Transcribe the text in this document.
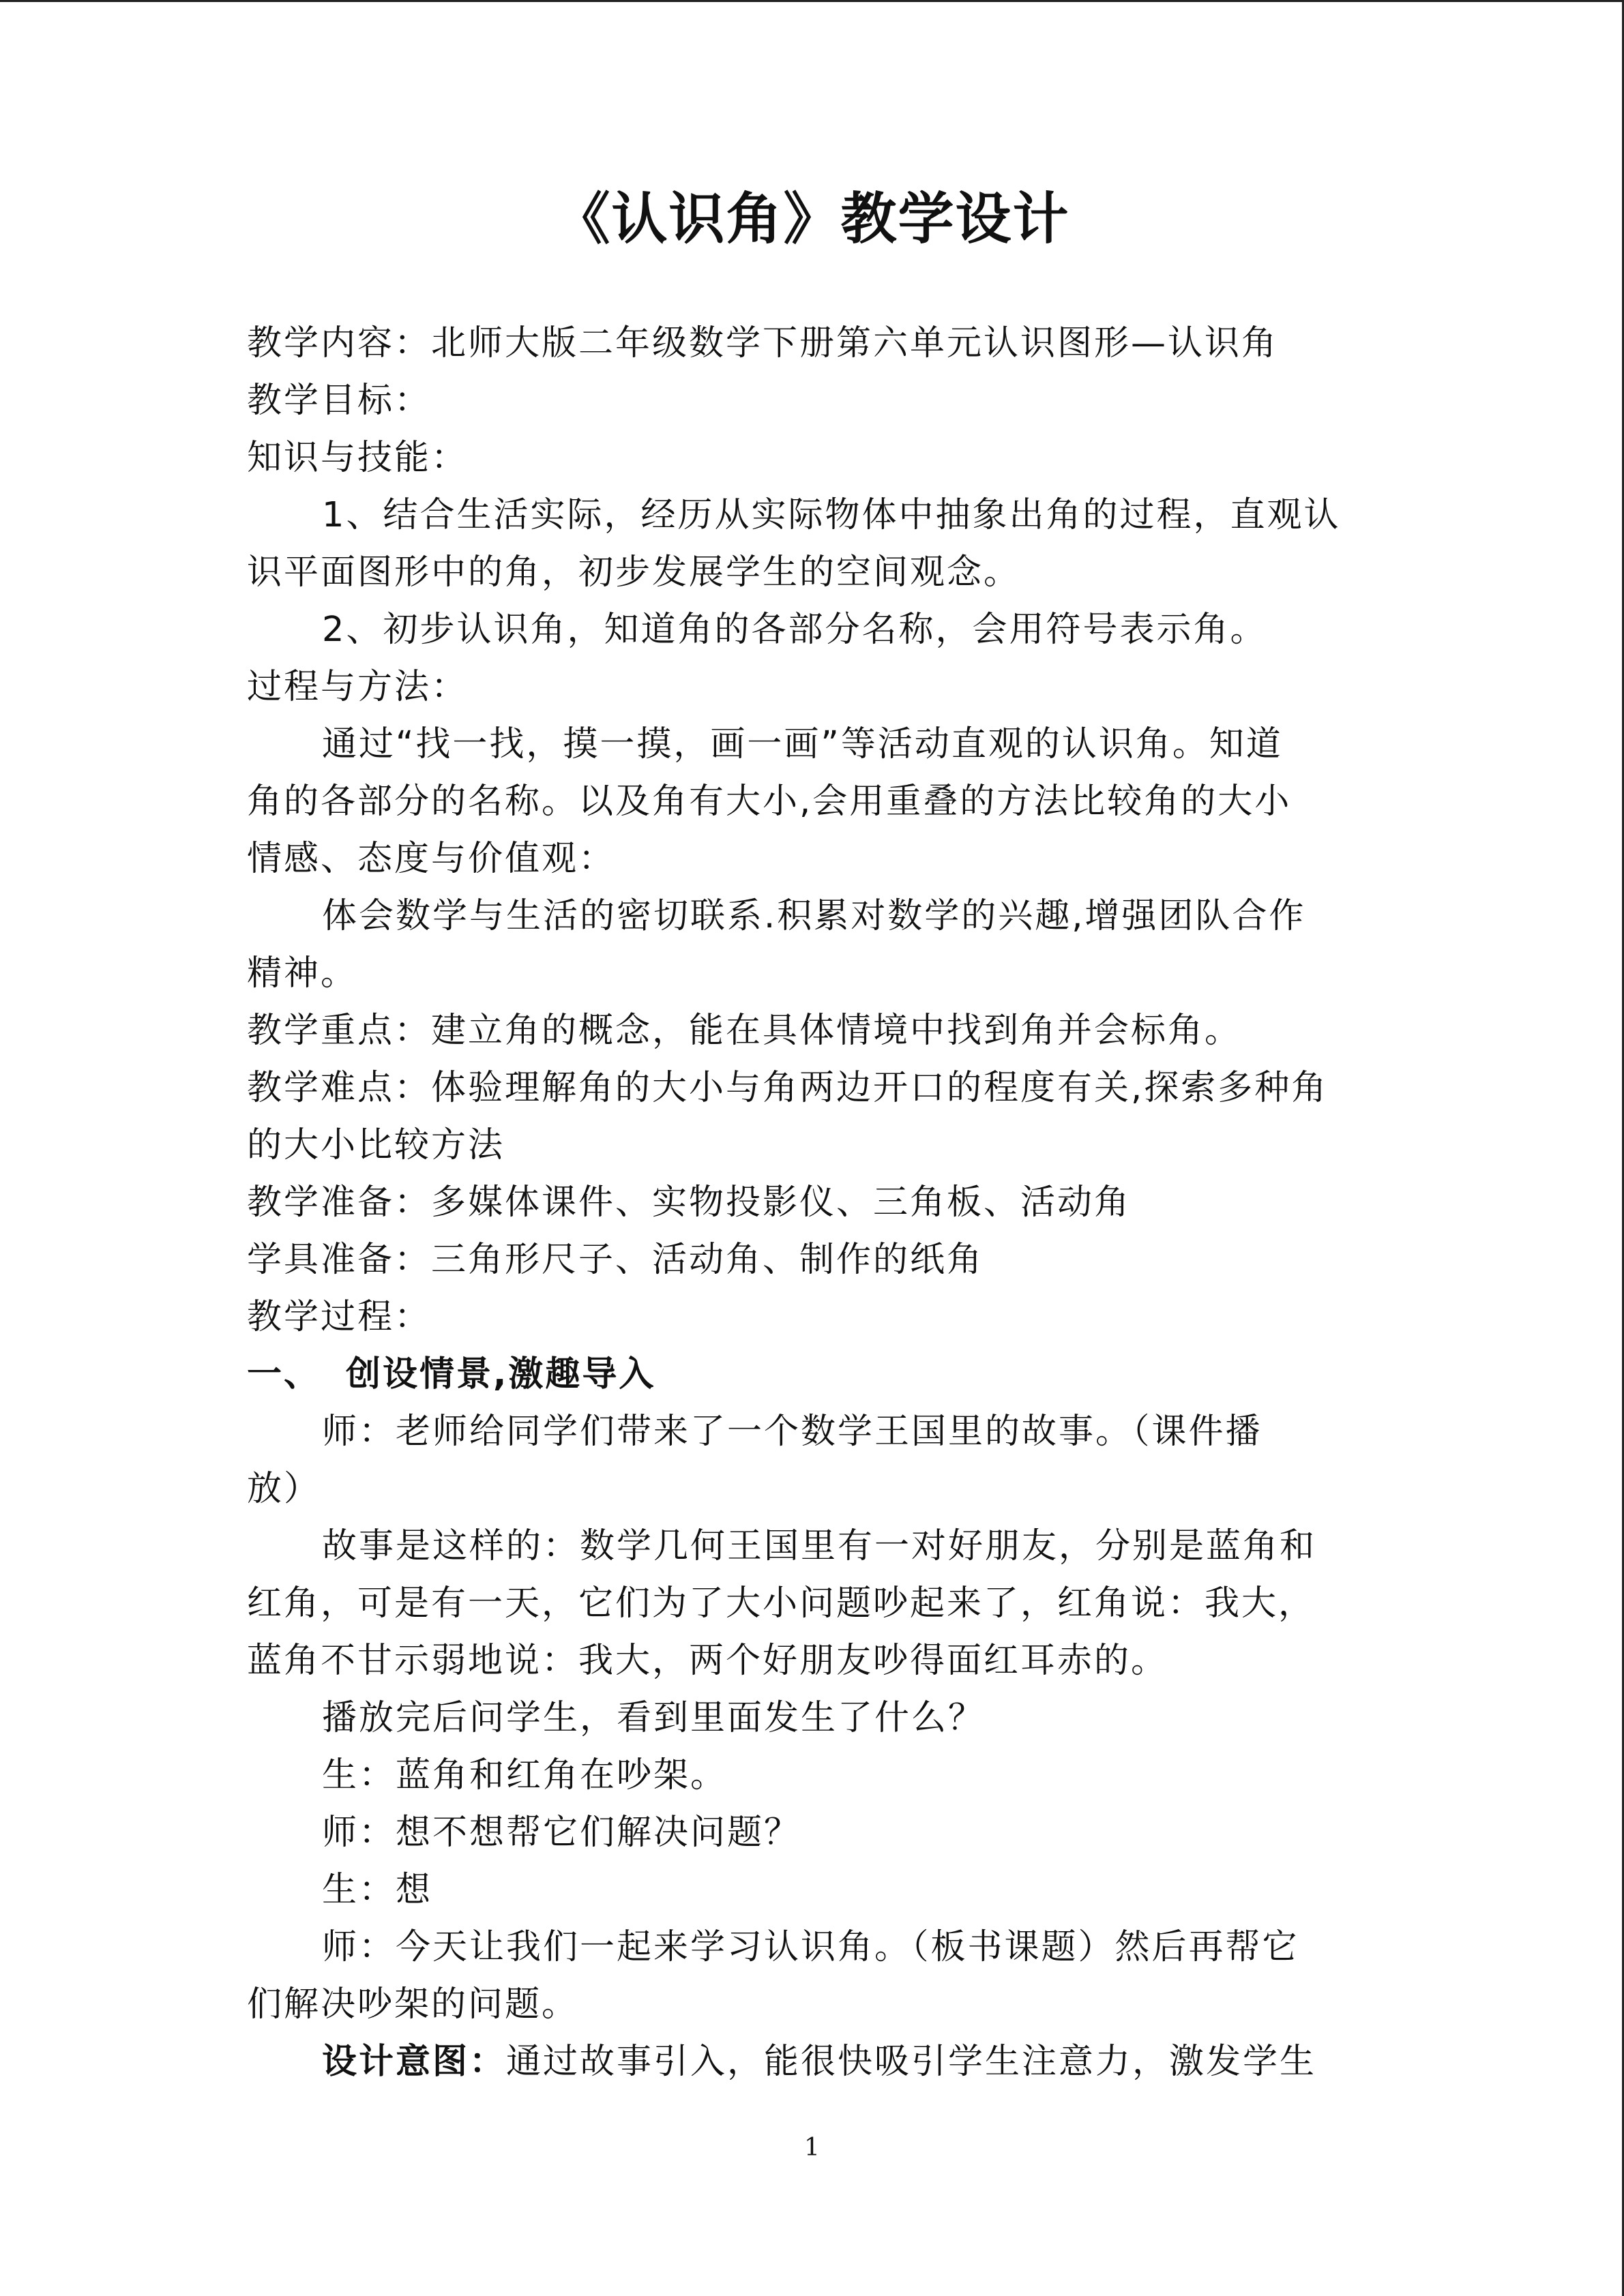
《认识角》教学设计
教学内容：北师大版二年级数学下册第六单元认识图形—认识角
教学目标：
知识与技能：
1、结合生活实际，经历从实际物体中抽象出角的过程，直观认
识平面图形中的角，初步发展学生的空间观念。
2、初步认识角，知道角的各部分名称，会用符号表示角。
过程与方法：
通过“找一找，摸一摸，画一画”等活动直观的认识角。知道
角的各部分的名称。以及角有大小,会用重叠的方法比较角的大小
情感、态度与价值观：
体会数学与生活的密切联系.积累对数学的兴趣,增强团队合作
精神。
教学重点：建立角的概念，能在具体情境中找到角并会标角。
教学难点：体验理解角的大小与角两边开口的程度有关,探索多种角
的大小比较方法
教学准备：多媒体课件、实物投影仪、三角板、活动角
学具准备：三角形尺子、活动角、制作的纸角
教学过程：
一、 创设情景,激趣导入
师：老师给同学们带来了一个数学王国里的故事。（课件播
放）
故事是这样的：数学几何王国里有一对好朋友，分别是蓝角和
红角，可是有一天，它们为了大小问题吵起来了，红角说：我大，
蓝角不甘示弱地说：我大，两个好朋友吵得面红耳赤的。
播放完后问学生，看到里面发生了什么？
生：蓝角和红角在吵架。
师：想不想帮它们解决问题？
生：想
师：今天让我们一起来学习认识角。（板书课题）然后再帮它
们解决吵架的问题。
设计意图：通过故事引入，能很快吸引学生注意力，激发学生
1
